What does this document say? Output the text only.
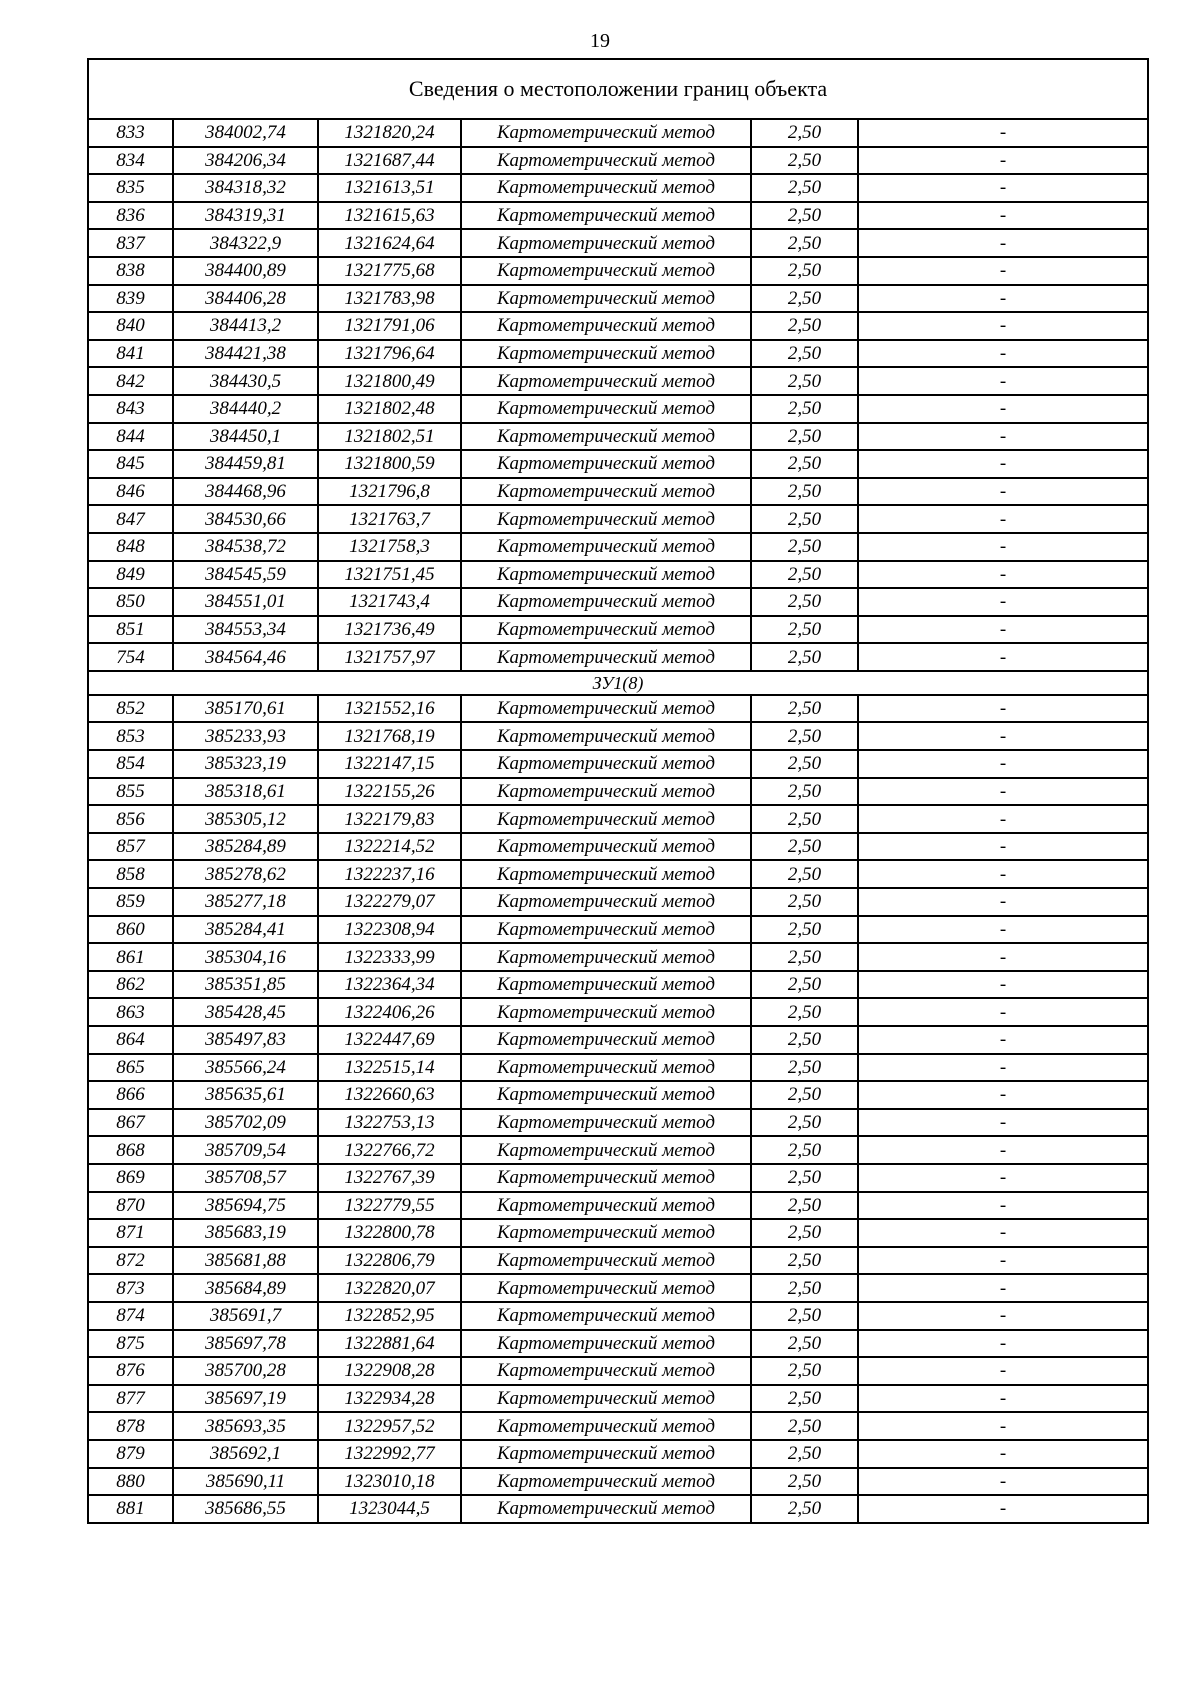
19
Сведения о местоположении границ объекта					
833	384002,74	1321820,24	Картометрический метод	2,50	-
834	384206,34	1321687,44	Картометрический метод	2,50	-
835	384318,32	1321613,51	Картометрический метод	2,50	-
836	384319,31	1321615,63	Картометрический метод	2,50	-
837	384322,9	1321624,64	Картометрический метод	2,50	-
838	384400,89	1321775,68	Картометрический метод	2,50	-
839	384406,28	1321783,98	Картометрический метод	2,50	-
840	384413,2	1321791,06	Картометрический метод	2,50	-
841	384421,38	1321796,64	Картометрический метод	2,50	-
842	384430,5	1321800,49	Картометрический метод	2,50	-
843	384440,2	1321802,48	Картометрический метод	2,50	-
844	384450,1	1321802,51	Картометрический метод	2,50	-
845	384459,81	1321800,59	Картометрический метод	2,50	-
846	384468,96	1321796,8	Картометрический метод	2,50	-
847	384530,66	1321763,7	Картометрический метод	2,50	-
848	384538,72	1321758,3	Картометрический метод	2,50	-
849	384545,59	1321751,45	Картометрический метод	2,50	-
850	384551,01	1321743,4	Картометрический метод	2,50	-
851	384553,34	1321736,49	Картометрический метод	2,50	-
754	384564,46	1321757,97	Картометрический метод	2,50	-
ЗУ1(8)					
852	385170,61	1321552,16	Картометрический метод	2,50	-
853	385233,93	1321768,19	Картометрический метод	2,50	-
854	385323,19	1322147,15	Картометрический метод	2,50	-
855	385318,61	1322155,26	Картометрический метод	2,50	-
856	385305,12	1322179,83	Картометрический метод	2,50	-
857	385284,89	1322214,52	Картометрический метод	2,50	-
858	385278,62	1322237,16	Картометрический метод	2,50	-
859	385277,18	1322279,07	Картометрический метод	2,50	-
860	385284,41	1322308,94	Картометрический метод	2,50	-
861	385304,16	1322333,99	Картометрический метод	2,50	-
862	385351,85	1322364,34	Картометрический метод	2,50	-
863	385428,45	1322406,26	Картометрический метод	2,50	-
864	385497,83	1322447,69	Картометрический метод	2,50	-
865	385566,24	1322515,14	Картометрический метод	2,50	-
866	385635,61	1322660,63	Картометрический метод	2,50	-
867	385702,09	1322753,13	Картометрический метод	2,50	-
868	385709,54	1322766,72	Картометрический метод	2,50	-
869	385708,57	1322767,39	Картометрический метод	2,50	-
870	385694,75	1322779,55	Картометрический метод	2,50	-
871	385683,19	1322800,78	Картометрический метод	2,50	-
872	385681,88	1322806,79	Картометрический метод	2,50	-
873	385684,89	1322820,07	Картометрический метод	2,50	-
874	385691,7	1322852,95	Картометрический метод	2,50	-
875	385697,78	1322881,64	Картометрический метод	2,50	-
876	385700,28	1322908,28	Картометрический метод	2,50	-
877	385697,19	1322934,28	Картометрический метод	2,50	-
878	385693,35	1322957,52	Картометрический метод	2,50	-
879	385692,1	1322992,77	Картометрический метод	2,50	-
880	385690,11	1323010,18	Картометрический метод	2,50	-
881	385686,55	1323044,5	Картометрический метод	2,50	-
